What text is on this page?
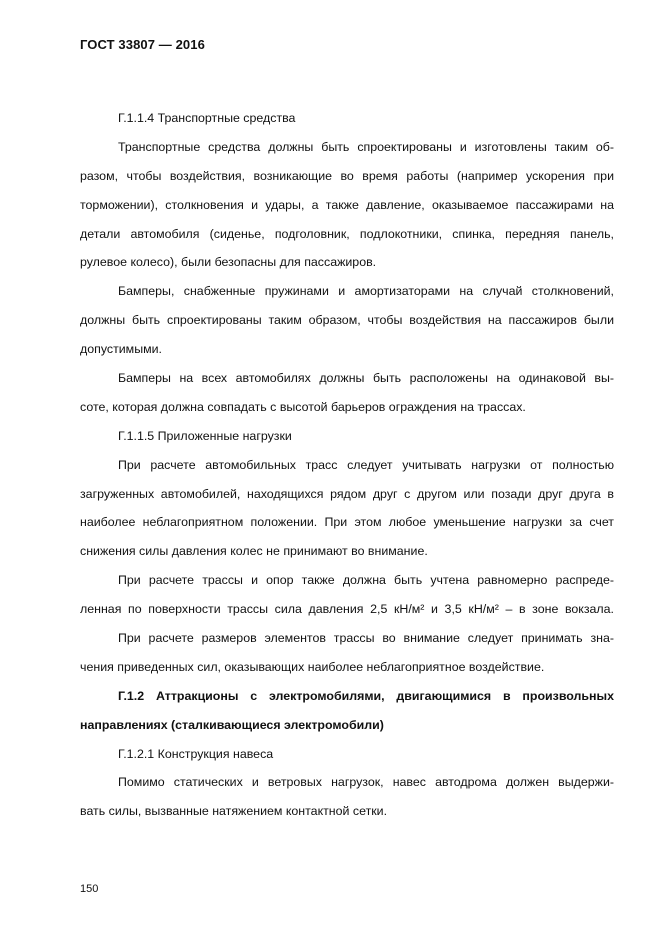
ГОСТ 33807 — 2016
Г.1.1.4 Транспортные средства
Транспортные средства должны быть спроектированы и изготовлены таким об-
разом, чтобы воздействия, возникающие во время работы (например ускорения при
торможении), столкновения и удары, а также давление, оказываемое пассажирами на
детали автомобиля (сиденье, подголовник, подлокотники, спинка, передняя панель,
рулевое колесо), были безопасны для пассажиров.
Бамперы, снабженные пружинами и амортизаторами на случай столкновений,
должны быть спроектированы таким образом, чтобы воздействия на пассажиров были
допустимыми.
Бамперы на всех автомобилях должны быть расположены на одинаковой вы-
соте, которая должна совпадать с высотой барьеров ограждения на трассах.
Г.1.1.5 Приложенные нагрузки
При расчете автомобильных трасс следует учитывать нагрузки от полностью
загруженных автомобилей, находящихся рядом друг с другом или позади друг друга в
наиболее неблагоприятном положении. При этом любое уменьшение нагрузки за счет
снижения силы давления колес не принимают во внимание.
При расчете трассы и опор также должна быть учтена равномерно распреде-
ленная по поверхности трассы сила давления 2,5 кН/м² и 3,5 кН/м² – в зоне вокзала.
При расчете размеров элементов трассы во внимание следует принимать зна-
чения приведенных сил, оказывающих наиболее неблагоприятное воздействие.
Г.1.2 Аттракционы с электромобилями, двигающимися в произвольных
направлениях (сталкивающиеся электромобили)
Г.1.2.1 Конструкция навеса
Помимо статических и ветровых нагрузок, навес автодрома должен выдержи-
вать силы, вызванные натяжением контактной сетки.
150
